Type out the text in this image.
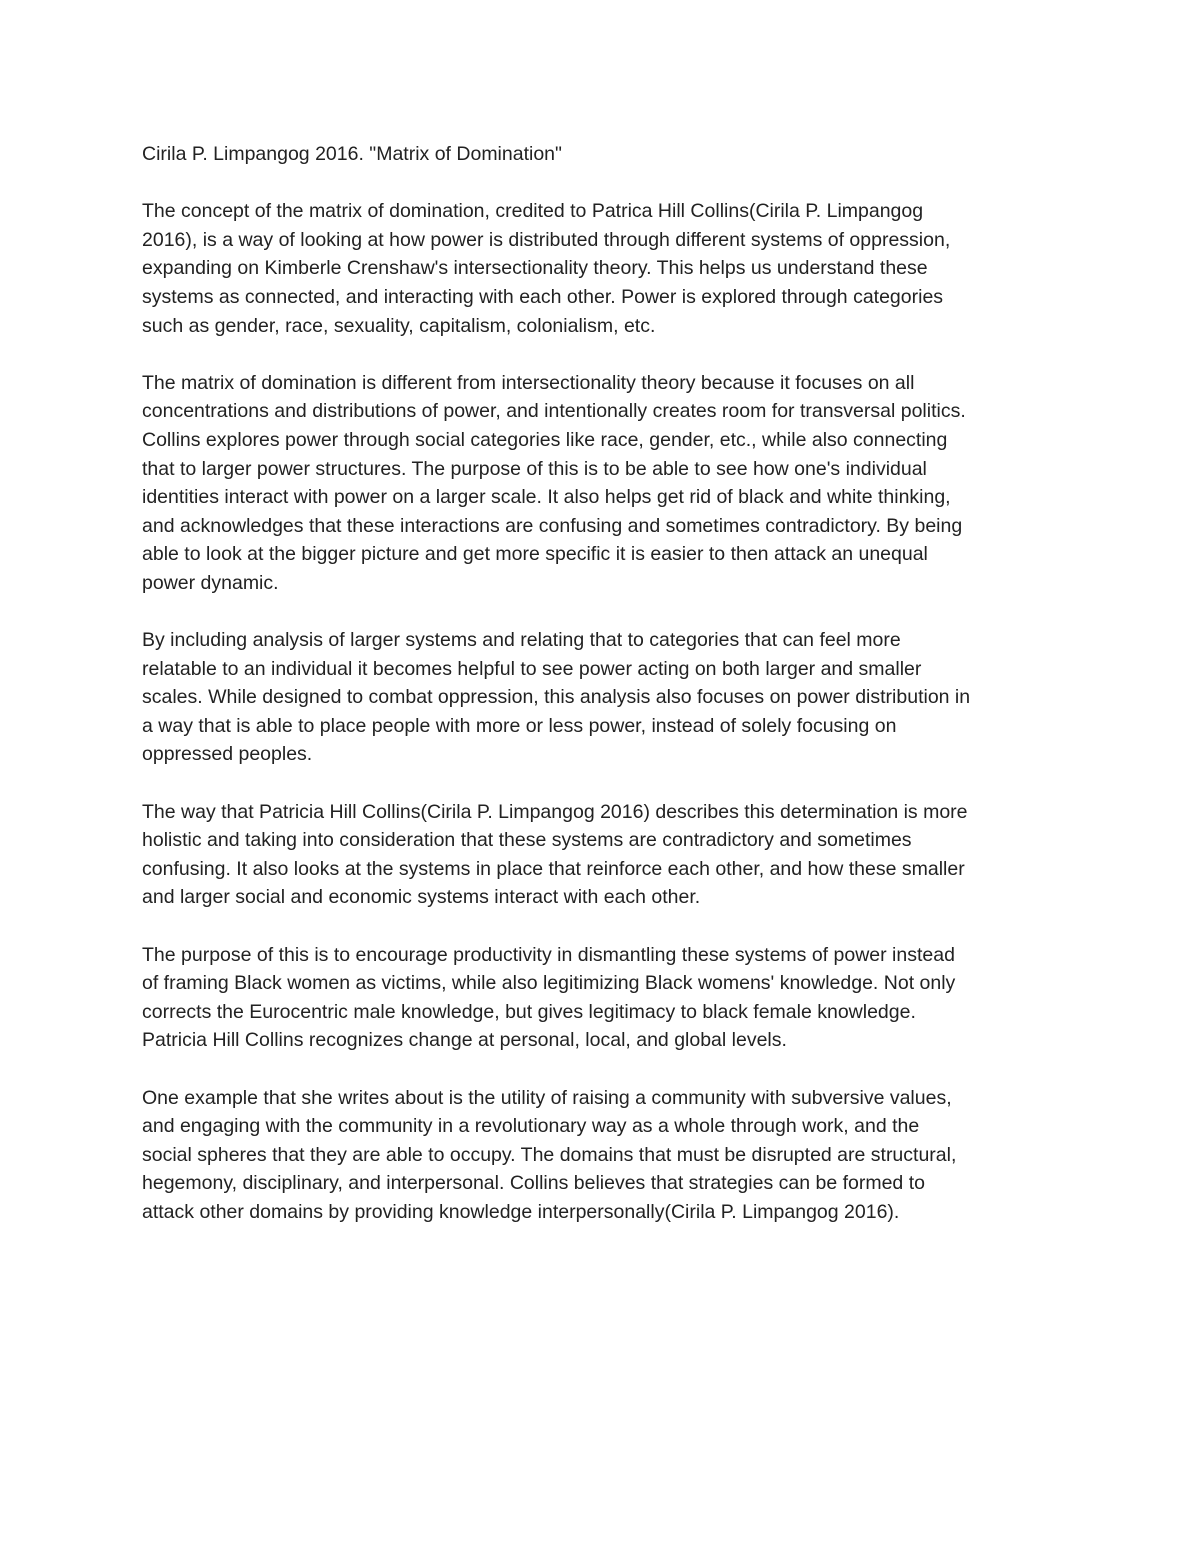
Cirila P. Limpangog 2016. "Matrix of Domination"

The concept of the matrix of domination, credited to Patrica Hill Collins(Cirila P. Limpangog
2016), is a way of looking at how power is distributed through different systems of oppression,
expanding on Kimberle Crenshaw's intersectionality theory. This helps us understand these
systems as connected, and interacting with each other. Power is explored through categories
such as gender, race, sexuality, capitalism, colonialism, etc.

The matrix of domination is different from intersectionality theory because it focuses on all
concentrations and distributions of power, and intentionally creates room for transversal politics.
Collins explores power through social categories like race, gender, etc., while also connecting
that to larger power structures. The purpose of this is to be able to see how one's individual
identities interact with power on a larger scale. It also helps get rid of black and white thinking,
and acknowledges that these interactions are confusing and sometimes contradictory. By being
able to look at the bigger picture and get more specific it is easier to then attack an unequal
power dynamic.

By including analysis of larger systems and relating that to categories that can feel more
relatable to an individual it becomes helpful to see power acting on both larger and smaller
scales. While designed to combat oppression, this analysis also focuses on power distribution in
a way that is able to place people with more or less power, instead of solely focusing on
oppressed peoples.

The way that Patricia Hill Collins(Cirila P. Limpangog 2016) describes this determination is more
holistic and taking into consideration that these systems are contradictory and sometimes
confusing. It also looks at the systems in place that reinforce each other, and how these smaller
and larger social and economic systems interact with each other.

The purpose of this is to encourage productivity in dismantling these systems of power instead
of framing Black women as victims, while also legitimizing Black womens' knowledge. Not only
corrects the Eurocentric male knowledge, but gives legitimacy to black female knowledge.
Patricia Hill Collins recognizes change at personal, local, and global levels.

One example that she writes about is the utility of raising a community with subversive values,
and engaging with the community in a revolutionary way as a whole through work, and the
social spheres that they are able to occupy. The domains that must be disrupted are structural,
hegemony, disciplinary, and interpersonal. Collins believes that strategies can be formed to
attack other domains by providing knowledge interpersonally(Cirila P. Limpangog 2016).
